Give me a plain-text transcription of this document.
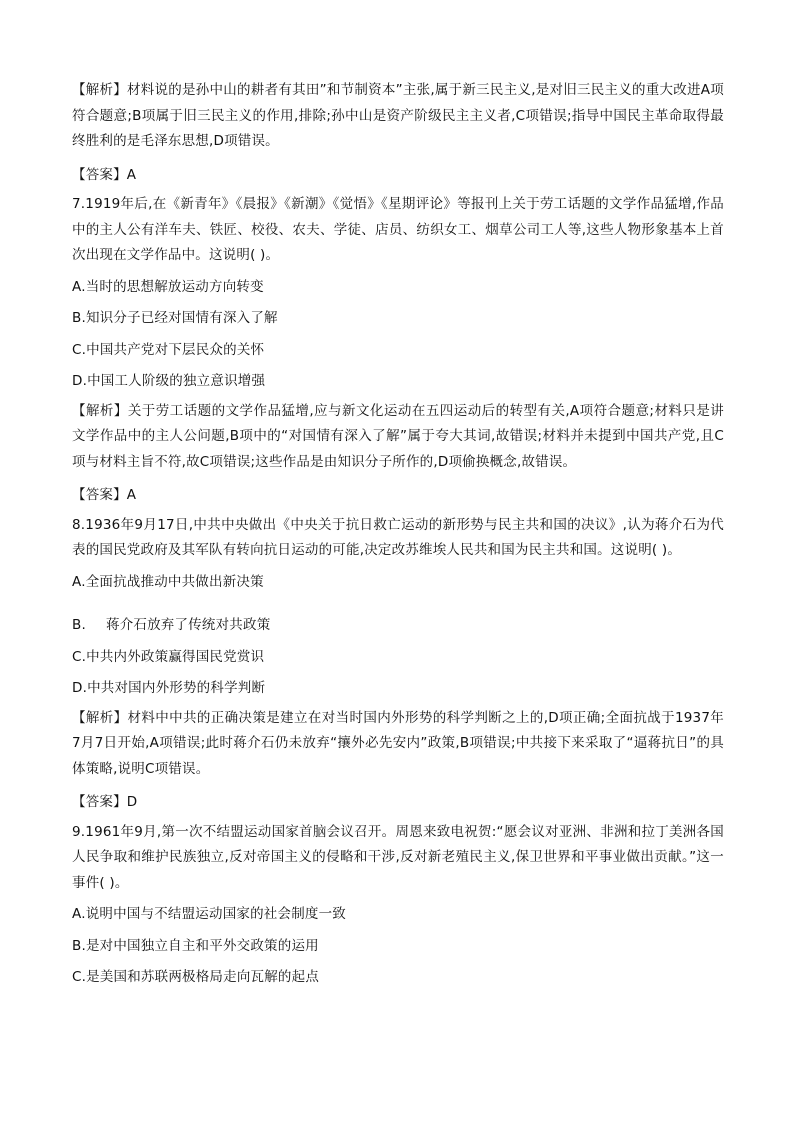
【解析】材料说的是孙中山的耕者有其田”和节制资本”主张,属于新三民主义,是对旧三民主义的重大改进A项符合题意;B项属于旧三民主义的作用,排除;孙中山是资产阶级民主主义者,C项错误;指导中国民主革命取得最终胜利的是毛泽东思想,D项错误。

【答案】A

7.1919年后,在《新青年》《晨报》《新潮》《觉悟》《星期评论》等报刊上关于劳工话题的文学作品猛增,作品中的主人公有洋车夫、铁匠、校役、农夫、学徒、店员、纺织女工、烟草公司工人等,这些人物形象基本上首次出现在文学作品中。这说明( )。

A.当时的思想解放运动方向转变

B.知识分子已经对国情有深入了解

C.中国共产党对下层民众的关怀

D.中国工人阶级的独立意识增强

【解析】关于劳工话题的文学作品猛增,应与新文化运动在五四运动后的转型有关,A项符合题意;材料只是讲文学作品中的主人公问题,B项中的“对国情有深入了解”属于夸大其词,故错误;材料并未提到中国共产党,且C项与材料主旨不符,故C项错误;这些作品是由知识分子所作的,D项偷换概念,故错误。

【答案】A

8.1936年9月17日,中共中央做出《中央关于抗日救亡运动的新形势与民主共和国的决议》,认为蒋介石为代表的国民党政府及其军队有转向抗日运动的可能,决定改苏维埃人民共和国为民主共和国。这说明( )。

A.全面抗战推动中共做出新决策

B. 蒋介石放弃了传统对共政策

C.中共内外政策赢得国民党赏识

D.中共对国内外形势的科学判断

【解析】材料中中共的正确决策是建立在对当时国内外形势的科学判断之上的,D项正确;全面抗战于1937年7月7日开始,A项错误;此时蒋介石仍未放弃“攘外必先安内”政策,B项错误;中共接下来采取了“逼蒋抗日”的具体策略,说明C项错误。

【答案】D

9.1961年9月,第一次不结盟运动国家首脑会议召开。周恩来致电祝贺:“愿会议对亚洲、非洲和拉丁美洲各国人民争取和维护民族独立,反对帝国主义的侵略和干涉,反对新老殖民主义,保卫世界和平事业做出贡献。”这一事件( )。

A.说明中国与不结盟运动国家的社会制度一致

B.是对中国独立自主和平外交政策的运用

C.是美国和苏联两极格局走向瓦解的起点
